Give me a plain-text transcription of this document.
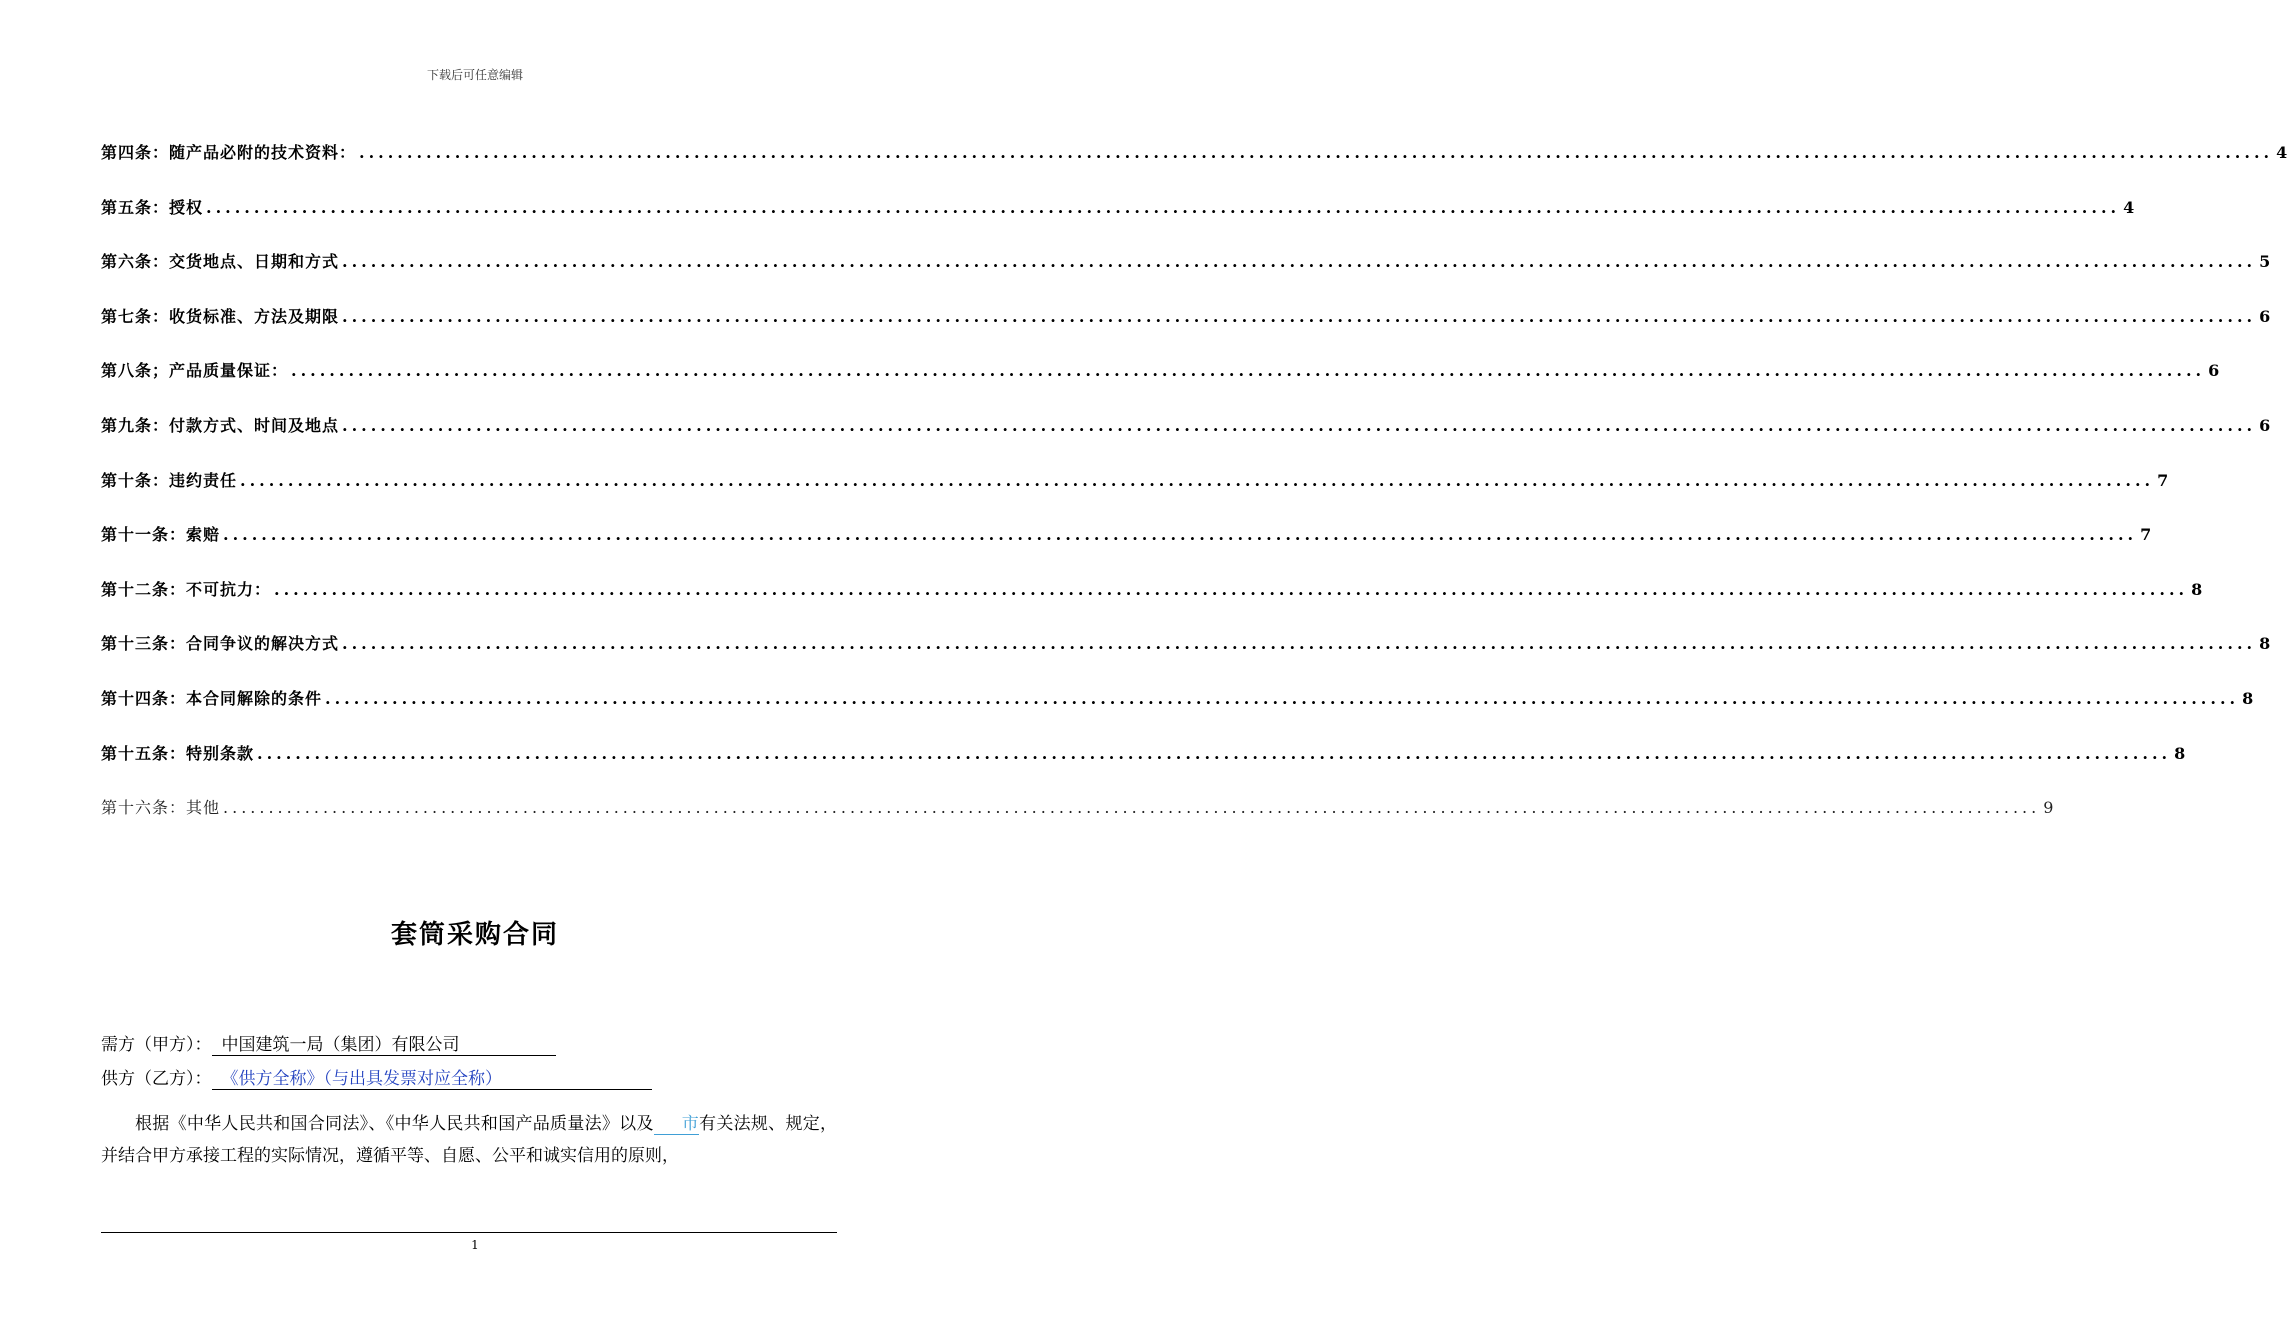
下载后可任意编辑
第四条：随产品必附的技术资料： ........................................................................................................................................................................................................ 4
第五条：授权 ........................................................................................................................................................................................................ 4
第六条：交货地点、日期和方式 ........................................................................................................................................................................................................ 5
第七条：收货标准、方法及期限 ........................................................................................................................................................................................................ 6
第八条；产品质量保证： ........................................................................................................................................................................................................ 6
第九条：付款方式、时间及地点 ........................................................................................................................................................................................................ 6
第十条：违约责任 ........................................................................................................................................................................................................ 7
第十一条：索赔 ........................................................................................................................................................................................................ 7
第十二条：不可抗力： ........................................................................................................................................................................................................ 8
第十三条：合同争议的解决方式 ........................................................................................................................................................................................................ 8
第十四条：本合同解除的条件 ........................................................................................................................................................................................................ 8
第十五条：特别条款 ........................................................................................................................................................................................................ 8
第十六条：其他 ........................................................................................................................................................................................................ 9
套筒采购合同
需方（甲方）： 中国建筑一局（集团）有限公司
供方（乙方）： 《供方全称》（与出具发票对应全称）
根据《中华人民共和国合同法》、《中华人民共和国产品质量法》以及 市有关法规、规定，并结合甲方承接工程的实际情况，遵循平等、自愿、公平和诚实信用的原则，
1
